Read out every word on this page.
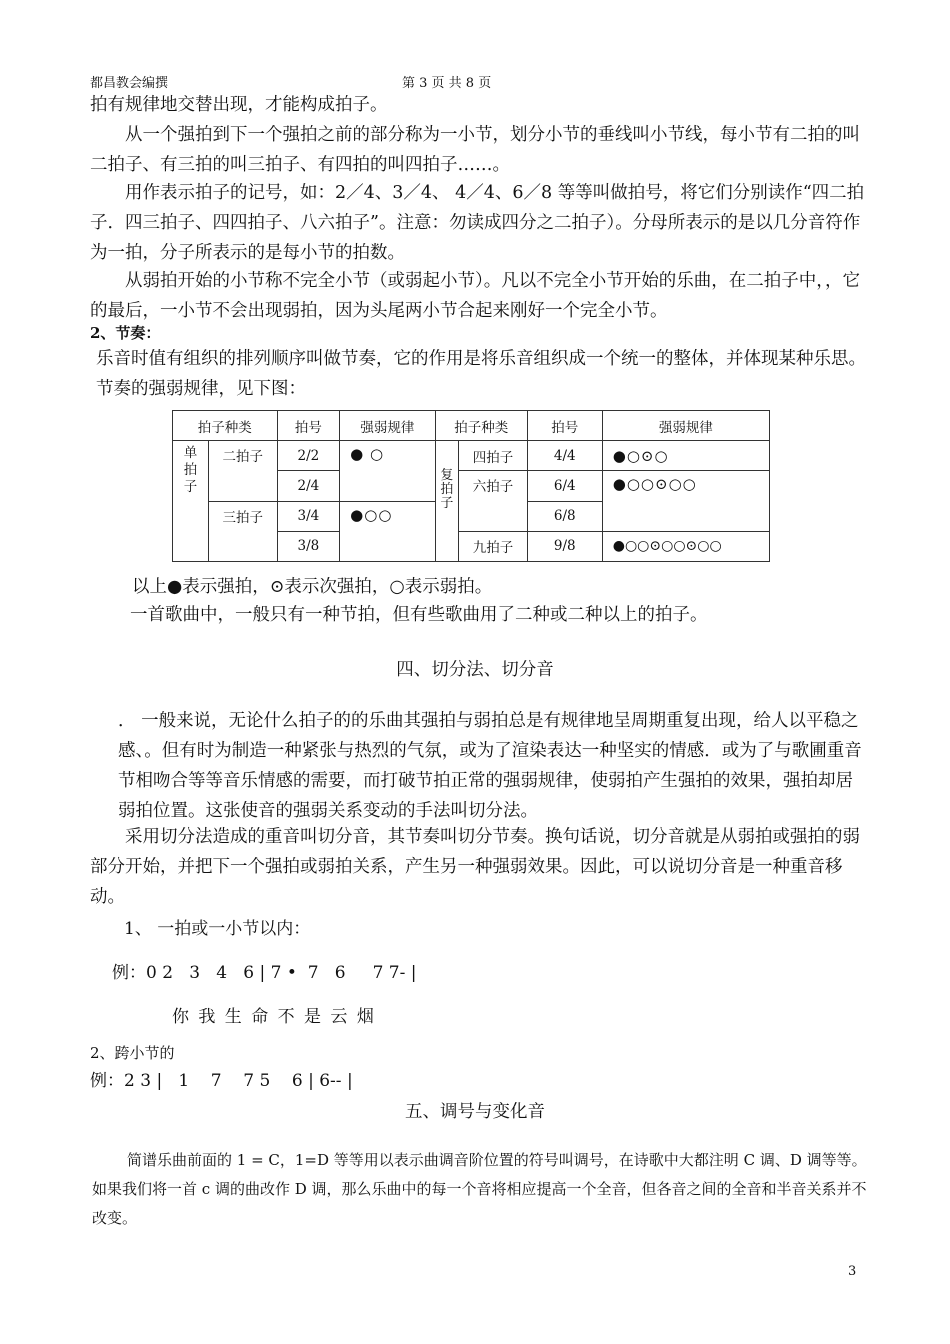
都昌教会编撰	第 3 页 共 8 页
拍有规律地交替出现，才能构成拍子。
从一个强拍到下一个强拍之前的部分称为一小节，划分小节的垂线叫小节线，每小节有二拍的叫二拍子、有三拍的叫三拍子、有四拍的叫四拍子……。
用作表示拍子的记号，如：2／4、3／4、 4／4、6／8 等等叫做拍号，将它们分别读作“四二拍子．四三拍子、四四拍子、八六拍子”。注意：勿读成四分之二拍子）。分母所表示的是以几分音符作为一拍，分子所表示的是每小节的拍数。
从弱拍开始的小节称不完全小节（或弱起小节）。凡以不完全小节开始的乐曲，在二拍子中，，它的最后，一小节不会出现弱拍，因为头尾两小节合起来刚好一个完全小节。
2、节奏：
乐音时值有组织的排列顺序叫做节奏，它的作用是将乐音组织成一个统一的整体，并体现某种乐思。节奏的强弱规律，见下图：
拍子种类		拍号	强弱规律	拍子种类		拍号	强弱规律

单拍子	二拍子	2/2	● ○	复拍子	四拍子	4/4	●○⊙○
		2/4			六拍子	6/4	●○○⊙○○
	三拍子	3/4	●○○			6/8	
		3/8			九拍子	9/8	●○○⊙○○⊙○○
以上●表示强拍，⊙表示次强拍，○表示弱拍。
一首歌曲中，一般只有一种节拍，但有些歌曲用了二种或二种以上的拍子。
四、切分法、切分音
． 一般来说，无论什么拍子的的乐曲其强拍与弱拍总是有规律地呈周期重复出现，给人以平稳之感、。但有时为制造一种紧张与热烈的气氛，或为了渲染表达一种坚实的情感．或为了与歌圃重音节相吻合等等音乐情感的需要，而打破节拍正常的强弱规律，使弱拍产生强拍的效果，强拍却居弱拍位置。这张使音的强弱关系变动的手法叫切分法。
采用切分法造成的重音叫切分音，其节奏叫切分节奏。换句话说，切分音就是从弱拍或强拍的弱部分开始，并把下一个强拍或弱拍关系，产生另一种强弱效果。因此，可以说切分音是一种重音移动。
1、 一拍或一小节以内：
例：0 2   3   4   6 | 7 •  7   6     7 7- |
你 我 生 命 不 是 云 烟
2、跨小节的
例：2 3 |   1    7    7 5    6 | 6-- |
五、调号与变化音
简谱乐曲前面的 1 = C，1=D 等等用以表示曲调音阶位置的符号叫调号，在诗歌中大都注明 C 调、D 调等等。如果我们将一首 c 调的曲改作 D 调，那么乐曲中的每一个音将相应提高一个全音，但各音之间的全音和半音关系并不改变。
3
